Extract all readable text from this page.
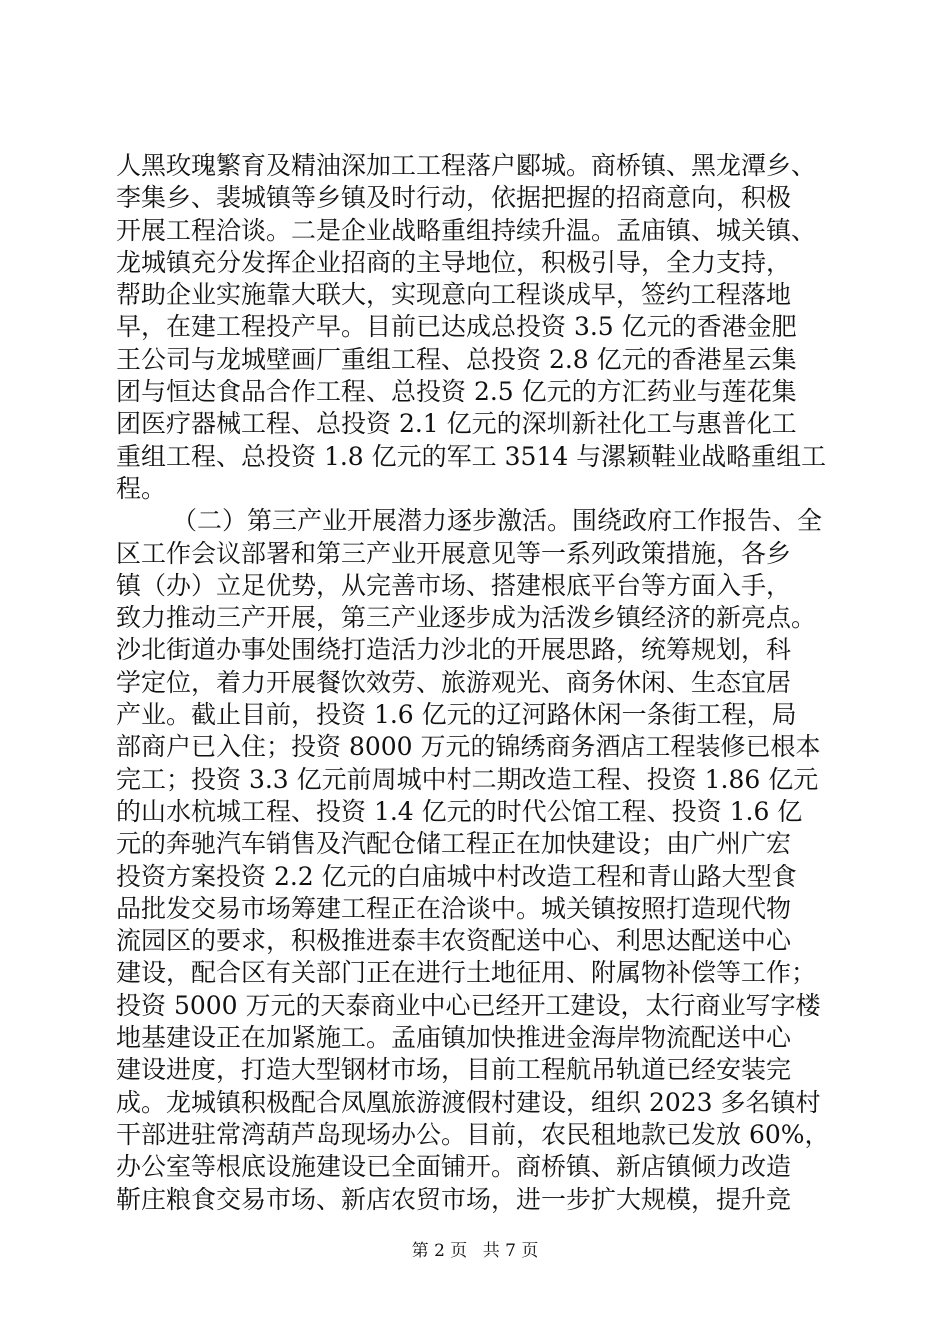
人黑玫瑰繁育及精油深加工工程落户郾城。商桥镇、黑龙潭乡、
李集乡、裴城镇等乡镇及时行动，依据把握的招商意向，积极
开展工程洽谈。二是企业战略重组持续升温。孟庙镇、城关镇、
龙城镇充分发挥企业招商的主导地位，积极引导，全力支持，
帮助企业实施靠大联大，实现意向工程谈成早，签约工程落地
早，在建工程投产早。目前已达成总投资 3.5 亿元的香港金肥
王公司与龙城壁画厂重组工程、总投资 2.8 亿元的香港星云集
团与恒达食品合作工程、总投资 2.5 亿元的方汇药业与莲花集
团医疗器械工程、总投资 2.1 亿元的深圳新社化工与惠普化工
重组工程、总投资 1.8 亿元的军工 3514 与漯颖鞋业战略重组工
程。
（二）第三产业开展潜力逐步激活。围绕政府工作报告、全
区工作会议部署和第三产业开展意见等一系列政策措施，各乡
镇（办）立足优势，从完善市场、搭建根底平台等方面入手，
致力推动三产开展，第三产业逐步成为活泼乡镇经济的新亮点。
沙北街道办事处围绕打造活力沙北的开展思路，统筹规划，科
学定位，着力开展餐饮效劳、旅游观光、商务休闲、生态宜居
产业。截止目前，投资 1.6 亿元的辽河路休闲一条街工程，局
部商户已入住；投资 8000 万元的锦绣商务酒店工程装修已根本
完工；投资 3.3 亿元前周城中村二期改造工程、投资 1.86 亿元
的山水杭城工程、投资 1.4 亿元的时代公馆工程、投资 1.6 亿
元的奔驰汽车销售及汽配仓储工程正在加快建设；由广州广宏
投资方案投资 2.2 亿元的白庙城中村改造工程和青山路大型食
品批发交易市场筹建工程正在洽谈中。城关镇按照打造现代物
流园区的要求，积极推进泰丰农资配送中心、利思达配送中心
建设，配合区有关部门正在进行土地征用、附属物补偿等工作；
投资 5000 万元的天泰商业中心已经开工建设，太行商业写字楼
地基建设正在加紧施工。孟庙镇加快推进金海岸物流配送中心
建设进度，打造大型钢材市场，目前工程航吊轨道已经安装完
成。龙城镇积极配合凤凰旅游渡假村建设，组织 2023 多名镇村
干部进驻常湾葫芦岛现场办公。目前，农民租地款已发放 60%，
办公室等根底设施建设已全面铺开。商桥镇、新店镇倾力改造
靳庄粮食交易市场、新店农贸市场，进一步扩大规模，提升竞
第 2 页 共 7 页
